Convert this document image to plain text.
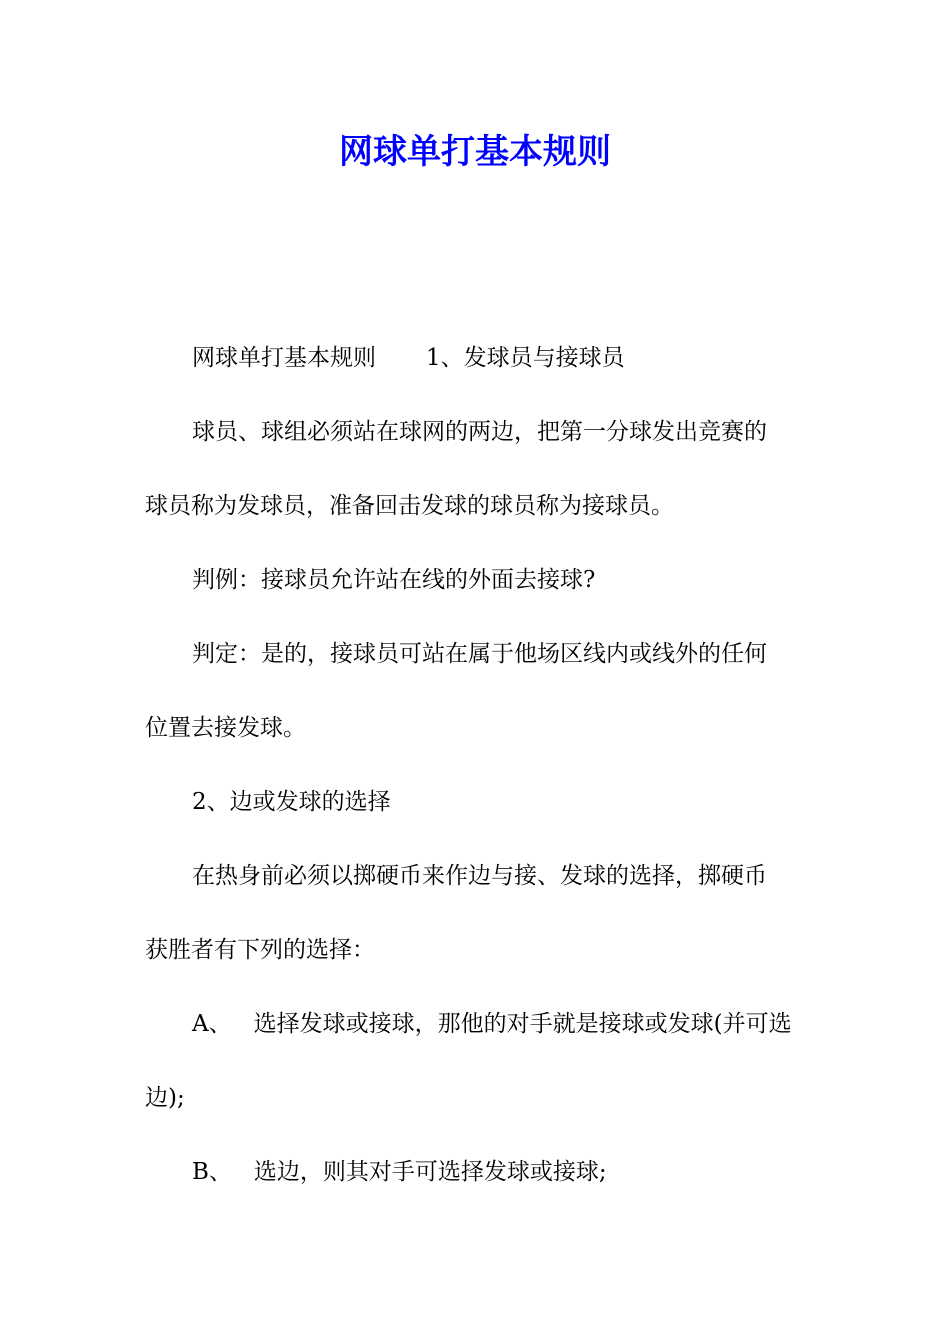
网球单打基本规则

网球单打基本规则 1、发球员与接球员

球员、球组必须站在球网的两边，把第一分球发出竞赛的
球员称为发球员，准备回击发球的球员称为接球员。

判例：接球员允许站在线的外面去接球?

判定：是的，接球员可站在属于他场区线内或线外的任何
位置去接发球。

2、边或发球的选择

在热身前必须以掷硬币来作边与接、发球的选择，掷硬币
获胜者有下列的选择：

A、 选择发球或接球，那他的对手就是接球或发球(并可选
边);

B、 选边，则其对手可选择发球或接球;
